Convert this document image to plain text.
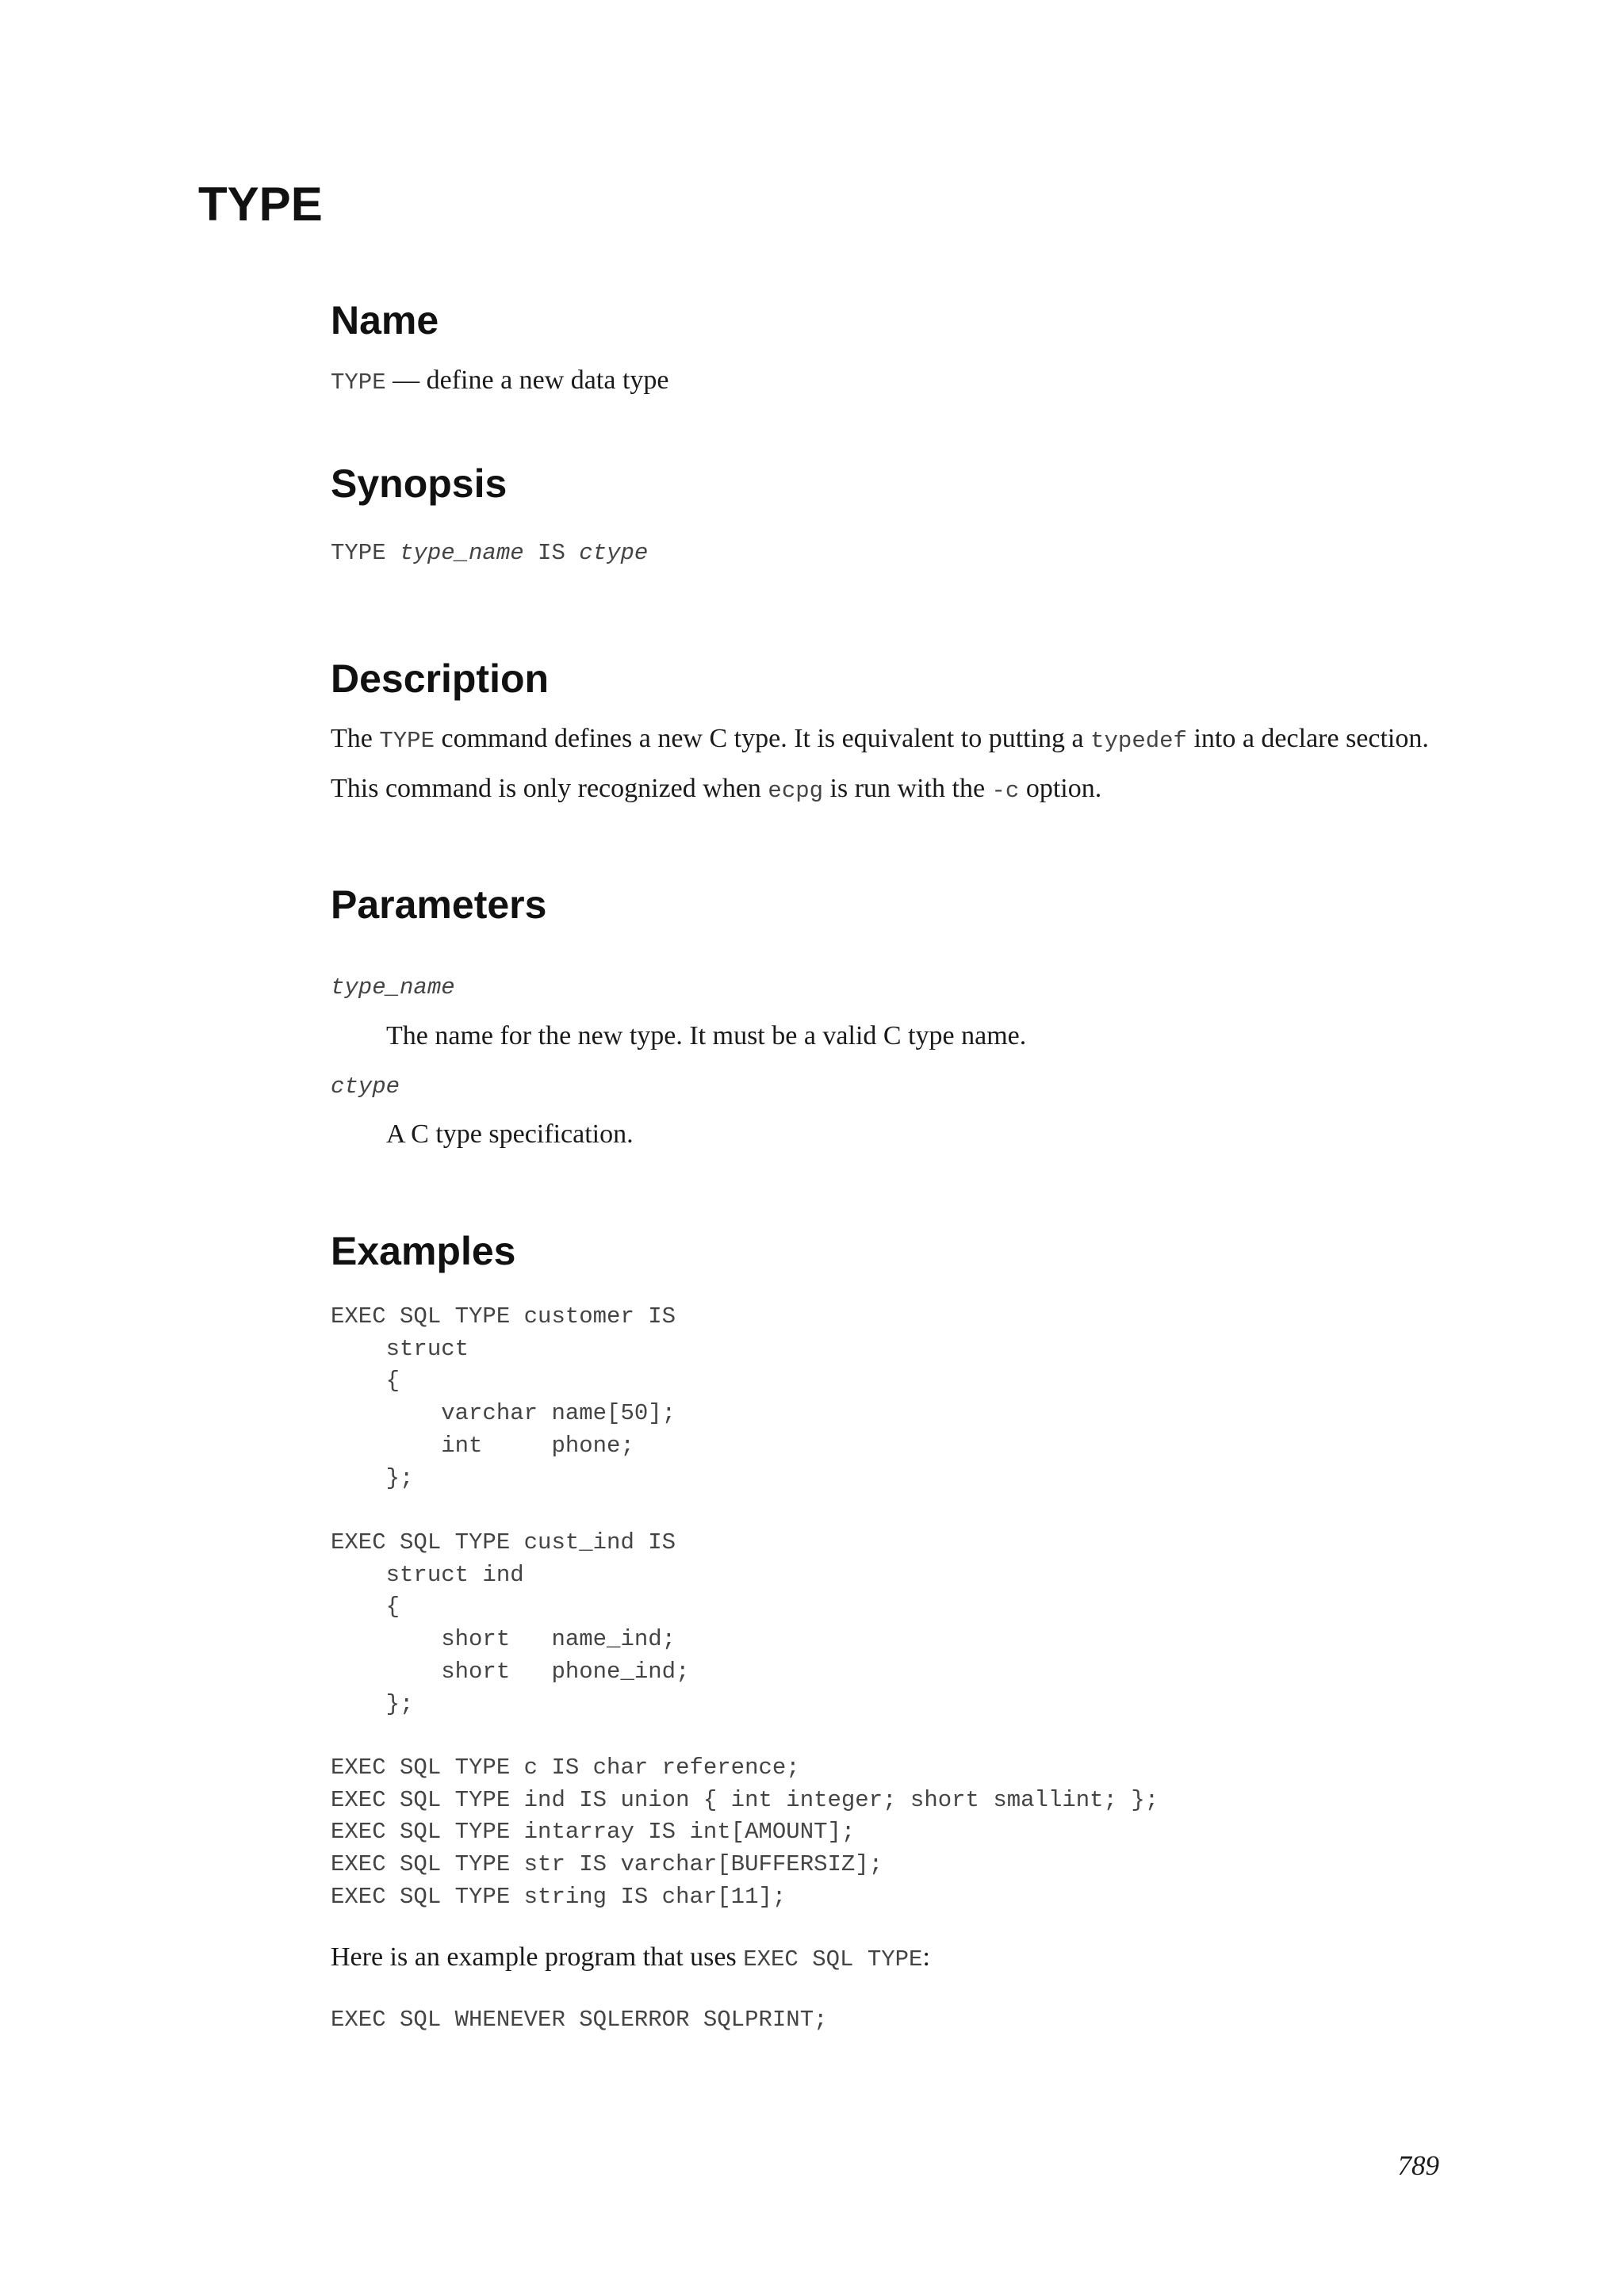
TYPE
Name

TYPE — define a new data type

Synopsis

TYPE type_name IS ctype

Description

The TYPE command defines a new C type. It is equivalent to putting a typedef into a declare section.

This command is only recognized when ecpg is run with the -c option.

Parameters

type_name

The name for the new type. It must be a valid C type name.

ctype

A C type specification.

Examples
EXEC SQL TYPE customer IS
struct
{
varchar name[50];
int     phone;
};
EXEC SQL TYPE cust_ind IS
struct ind
{
short   name_ind;
short   phone_ind;
};
EXEC SQL TYPE c IS char reference;
EXEC SQL TYPE ind IS union { int integer; short smallint; };
EXEC SQL TYPE intarray IS int[AMOUNT];
EXEC SQL TYPE str IS varchar[BUFFERSIZ];
EXEC SQL TYPE string IS char[11];

Here is an example program that uses EXEC SQL TYPE:

EXEC SQL WHENEVER SQLERROR SQLPRINT;

789
